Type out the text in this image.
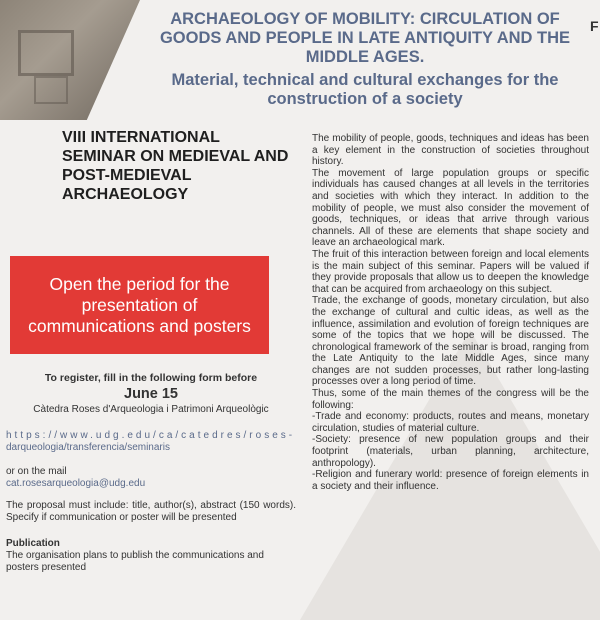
ARCHAEOLOGY OF MOBILITY: CIRCULATION OF GOODS AND PEOPLE IN LATE ANTIQUITY AND THE MIDDLE AGES.
Material, technical and cultural exchanges for the construction of a society
F
VIII INTERNATIONAL SEMINAR ON MEDIEVAL AND POST-MEDIEVAL ARCHAEOLOGY
Open the period for the presentation of communications and posters
To register, fill in the following form before
June 15
Càtedra Roses d'Arqueologia i Patrimoni Arqueològic
https://www.udg.edu/ca/catedres/roses-
darqueologia/transferencia/seminaris
or on the mail
cat.rosesarqueologia@udg.edu
The proposal must include: title, author(s), abstract (150 words). Specify if communication or poster will be presented
Publication
The organisation plans to publish the communications and posters presented

The mobility of people, goods, techniques and ideas has been a key element in the construction of societies throughout history.

The movement of large population groups or specific individuals has caused changes at all levels in the territories and societies with which they interact. In addition to the mobility of people, we must also consider the movement of goods, techniques, or ideas that arrive through various channels. All of these are elements that shape society and leave an archaeological mark.

The fruit of this interaction between foreign and local elements is the main subject of this seminar. Papers will be valued if they provide proposals that allow us to deepen the knowledge that can be acquired from archaeology on this subject.

Trade, the exchange of goods, monetary circulation, but also the exchange of cultural and cultic ideas, as well as the influence, assimilation and evolution of foreign techniques are some of the topics that we hope will be discussed. The chronological framework of the seminar is broad, ranging from the Late Antiquity to the late Middle Ages, since many changes are not sudden processes, but rather long-lasting processes over a long period of time.

Thus, some of the main themes of the congress will be the following:

-Trade and economy: products, routes and means, monetary circulation, studies of material culture.

-Society: presence of new population groups and their footprint (materials, urban planning, architecture, anthropology).

-Religion and funerary world: presence of foreign elements in a society and their influence.
